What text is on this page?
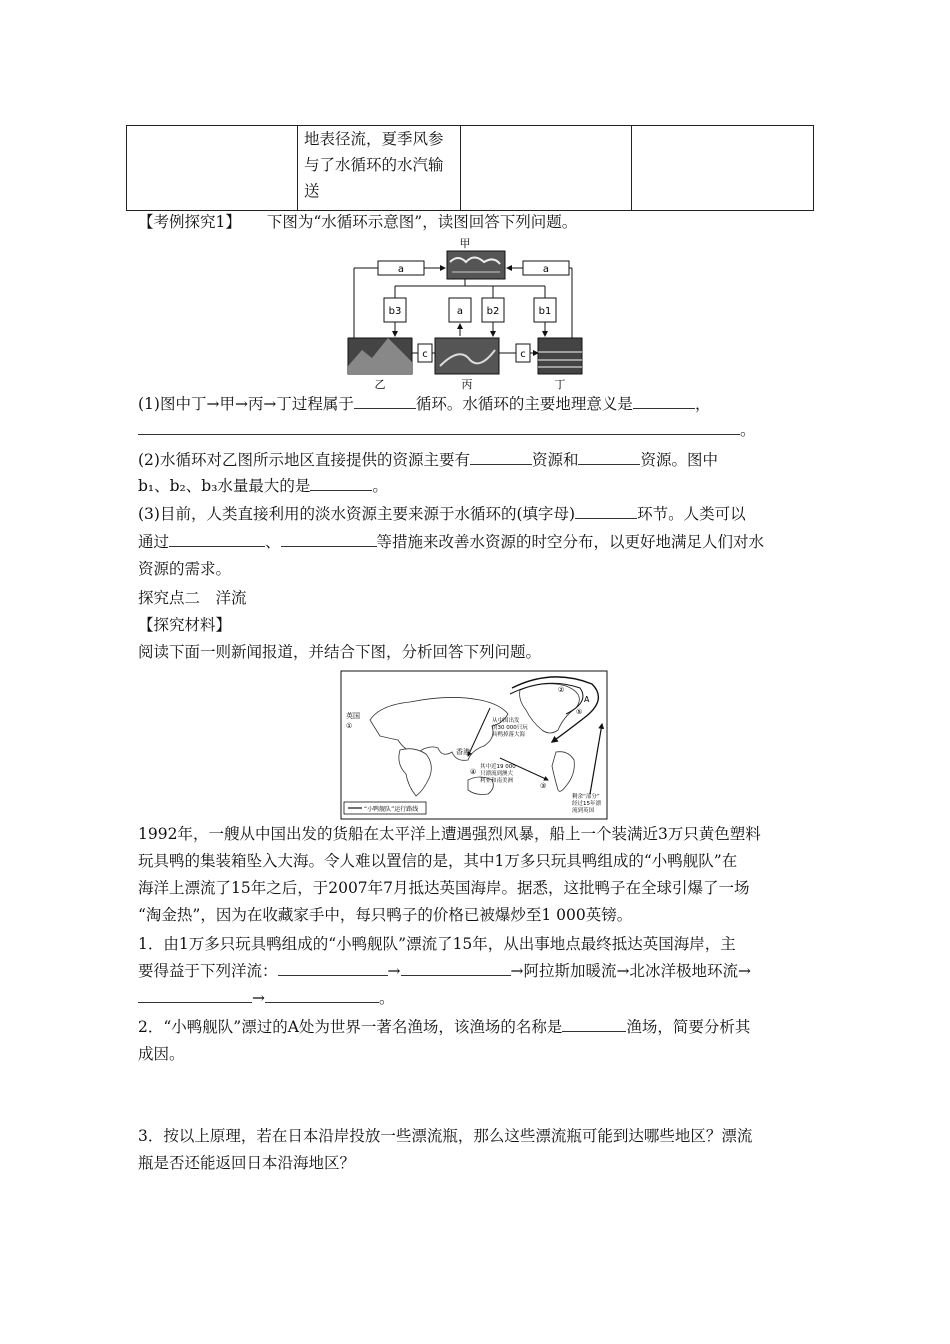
地表径流，夏季风参
与了水循环的水汽输
送

【考例探究1】 下图为“水循环示意图”，读图回答下列问题。
甲
a	a
b3	a b2	b1
c	c
乙	丙	丁
(1)图中丁→甲→丙→丁过程属于	循环。水循环的主要地理意义是	，
。
(2)水循环对乙图所示地区直接提供的资源主要有	资源和	资源。图中
b₁、b₂、b₃水量最大的是	。
(3)目前，人类直接利用的淡水资源主要来源于水循环的(填字母)	环节。人类可以
通过	、	等措施来改善水资源的时空分布，以更好地满足人们对水
资源的需求。
探究点二　洋流
【探究材料】
阅读下面一则新闻报道，并结合下图，分析回答下列问题。
①
②
③
④
⑤
英国
香港
A
从中国出发
的30 000只玩
具鸭掉落大海
其中近19 000
只漂流到澳大
利亚和南美洲
剩余“部分”
经过15年漂
流到英国
“小鸭舰队”运行路线
1992年，一艘从中国出发的货船在太平洋上遭遇强烈风暴，船上一个装满近3万只黄色塑料
玩具鸭的集装箱坠入大海。令人难以置信的是，其中1万多只玩具鸭组成的“小鸭舰队”在
海洋上漂流了15年之后，于2007年7月抵达英国海岸。据悉，这批鸭子在全球引爆了一场
“淘金热”，因为在收藏家手中，每只鸭子的价格已被爆炒至1 000英镑。
1．由1万多只玩具鸭组成的“小鸭舰队”漂流了15年，从出事地点最终抵达英国海岸，主
要得益于下列洋流：	→	→阿拉斯加暖流→北冰洋极地环流→
→	。
2．“小鸭舰队”漂过的A处为世界一著名渔场，该渔场的名称是	渔场，简要分析其
成因。
3．按以上原理，若在日本沿岸投放一些漂流瓶，那么这些漂流瓶可能到达哪些地区？漂流
瓶是否还能返回日本沿海地区？
